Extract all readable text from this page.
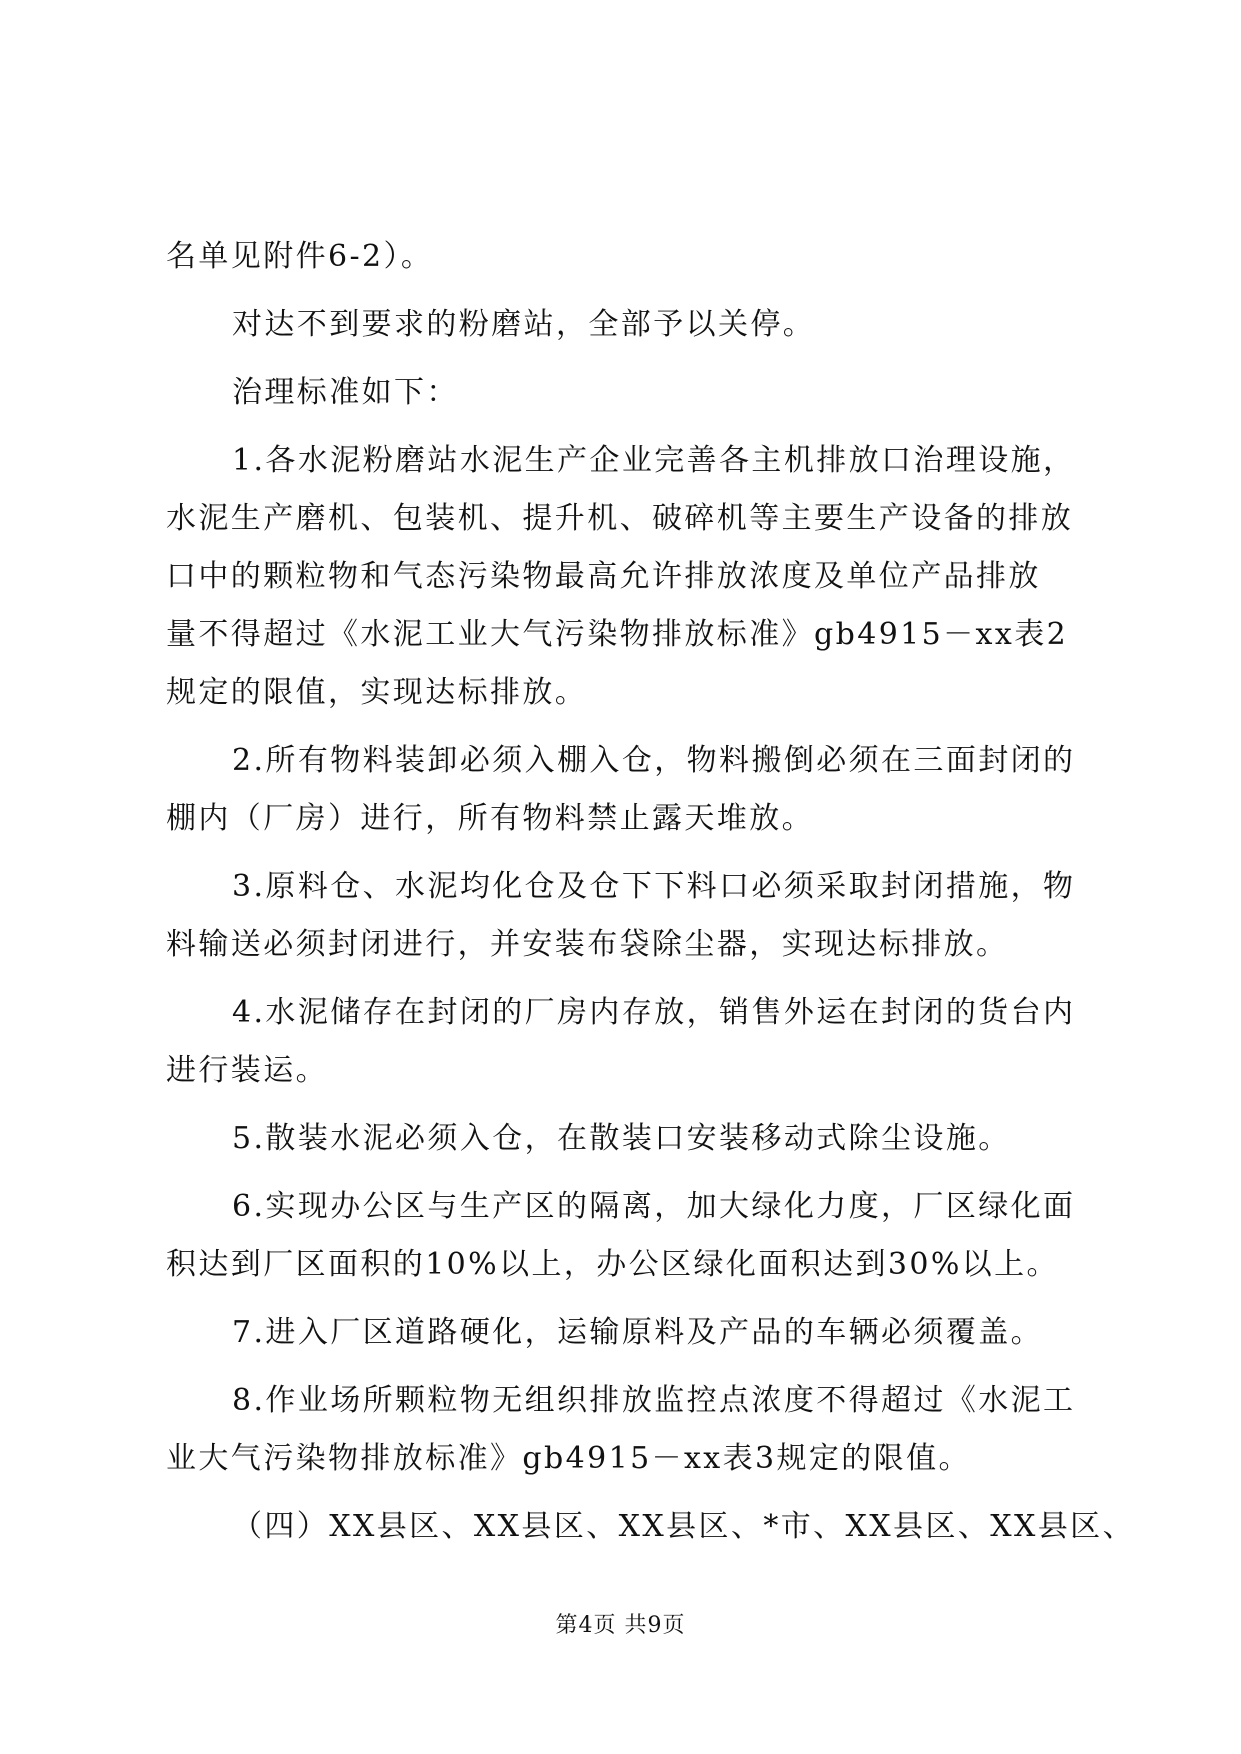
名单见附件6-2）。
对达不到要求的粉磨站，全部予以关停。
治理标准如下：
1.各水泥粉磨站水泥生产企业完善各主机排放口治理设施，
水泥生产磨机、包装机、提升机、破碎机等主要生产设备的排放
口中的颗粒物和气态污染物最高允许排放浓度及单位产品排放
量不得超过《水泥工业大气污染物排放标准》gb4915－xx表2
规定的限值，实现达标排放。
2.所有物料装卸必须入棚入仓，物料搬倒必须在三面封闭的
棚内（厂房）进行，所有物料禁止露天堆放。
3.原料仓、水泥均化仓及仓下下料口必须采取封闭措施，物
料输送必须封闭进行，并安装布袋除尘器，实现达标排放。
4.水泥储存在封闭的厂房内存放，销售外运在封闭的货台内
进行装运。
5.散装水泥必须入仓，在散装口安装移动式除尘设施。
6.实现办公区与生产区的隔离，加大绿化力度，厂区绿化面
积达到厂区面积的10%以上，办公区绿化面积达到30%以上。
7.进入厂区道路硬化，运输原料及产品的车辆必须覆盖。
8.作业场所颗粒物无组织排放监控点浓度不得超过《水泥工
业大气污染物排放标准》gb4915－xx表3规定的限值。
（四）XX县区、XX县区、XX县区、*市、XX县区、XX县区、
第4页 共9页
